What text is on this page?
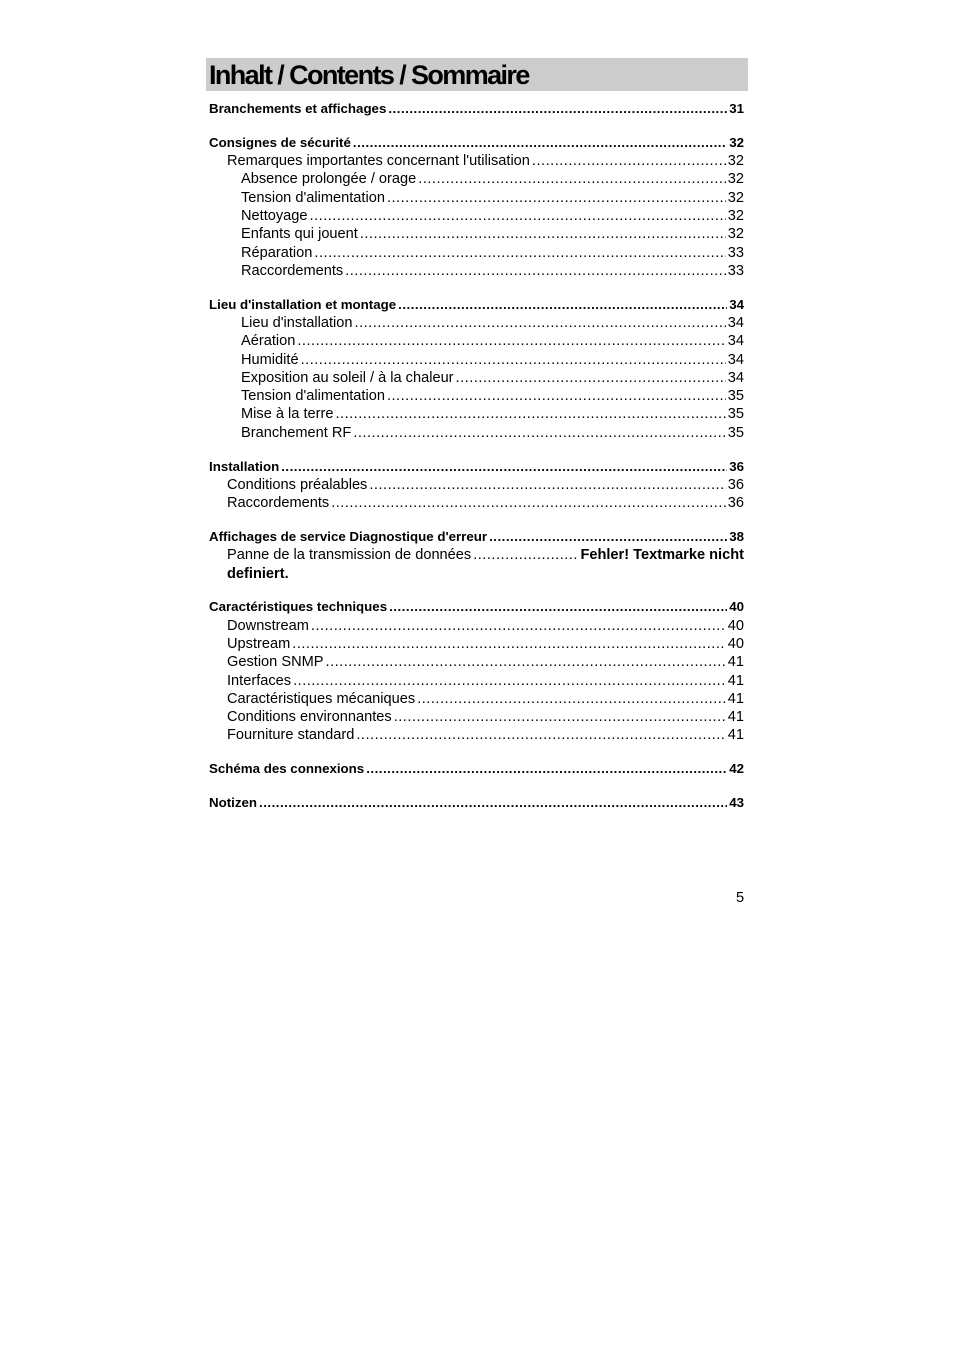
Inhalt / Contents / Sommaire
Branchements et affichages .....	31
Consignes de sécurité .....	32
Remarques importantes concernant l'utilisation .....	32
Absence prolongée / orage .....	32
Tension d'alimentation .....	32
Nettoyage .....	32
Enfants qui jouent .....	32
Réparation .....	33
Raccordements .....	33
Lieu d'installation et montage .....	34
Lieu d'installation .....	34
Aération .....	34
Humidité .....	34
Exposition au soleil / à la chaleur .....	34
Tension d'alimentation .....	35
Mise à la terre .....	35
Branchement RF .....	35
Installation .....	36
Conditions préalables .....	36
Raccordements .....	36
Affichages de service Diagnostique d'erreur .....	38
Panne de la transmission de données .....	Fehler! Textmarke nicht
definiert.
Caractéristiques techniques .....	40
Downstream .....	40
Upstream .....	40
Gestion SNMP .....	41
Interfaces .....	41
Caractéristiques mécaniques .....	41
Conditions environnantes .....	41
Fourniture standard .....	41
Schéma des connexions .....	42
Notizen .....	43
5
